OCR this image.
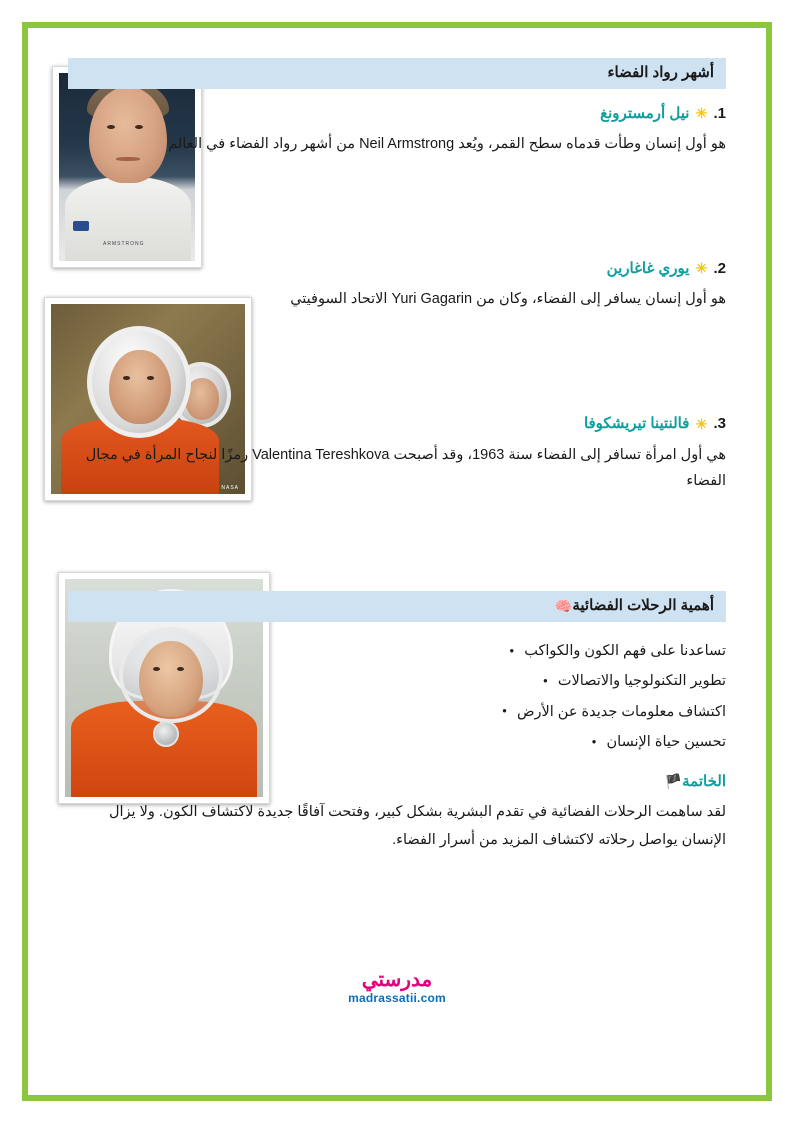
ARMSTRONG
NASA
أشهر رواد الفضاء
1. ✳ نيل أرمسترونغ
هو أول إنسان وطأت قدماه سطح القمر، ويُعد Neil Armstrong من أشهر رواد الفضاء في العالم
2. ✳ يوري غاغارين
هو أول إنسان يسافر إلى الفضاء، وكان من Yuri Gagarin الاتحاد السوفيتي
3. ✳ فالنتينا تيريشكوفا
هي أول امرأة تسافر إلى الفضاء سنة 1963، وقد أصبحت Valentina Tereshkova رمزًا لنجاح المرأة في مجال الفضاء
أهمية الرحلات الفضائية🧠
تساعدنا على فهم الكون والكواكب ●
تطوير التكنولوجيا والاتصالات ●
اكتشاف معلومات جديدة عن الأرض ●
تحسين حياة الإنسان ●
الخاتمة🏴
لقد ساهمت الرحلات الفضائية في تقدم البشرية بشكل كبير، وفتحت آفاقًا جديدة لاكتشاف الكون. ولا يزال الإنسان يواصل رحلاته لاكتشاف المزيد من أسرار الفضاء.
مدرستي
madrassatii.com
